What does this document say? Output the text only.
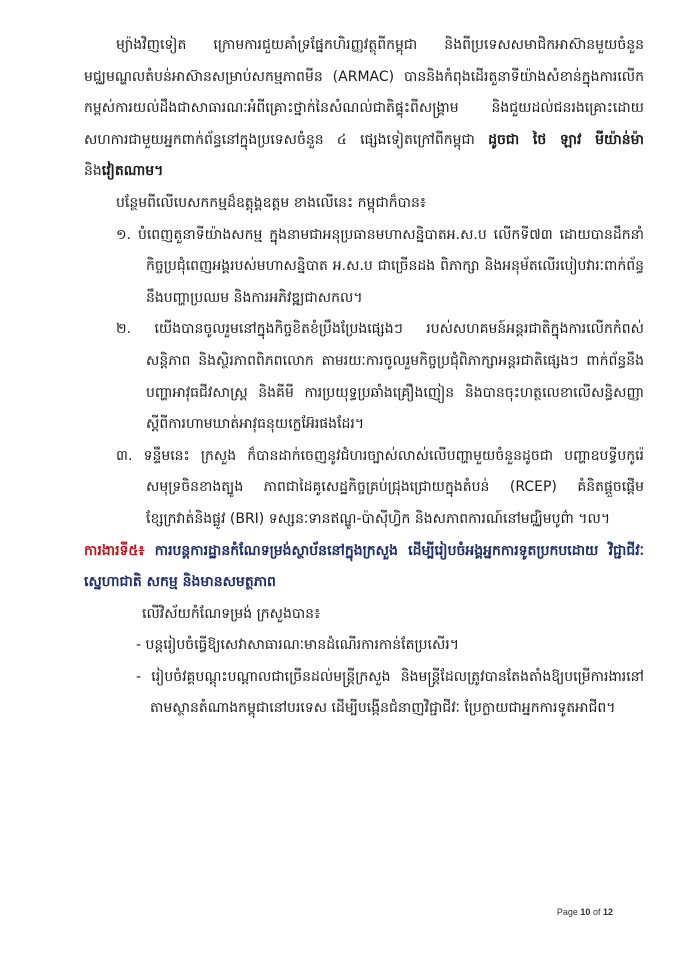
ម្យ៉ាងវិញទៀត ក្រោមការជួយគាំទ្រផ្នែកហិរញ្ញវត្ថុពីកម្ពុជា និងពីប្រទេសសមាជិកអាស៊ានមួយចំនួន មជ្ឈមណ្ឌលតំបន់អាស៊ានសម្រាប់សកម្មភាពមីន (ARMAC) បាននិងកំពុងដើរតួនាទីយ៉ាងសំខាន់ក្នុងការលើកកម្ពស់ការយល់ដឹងជាសាធារណៈអំពីគ្រោះថ្នាក់នៃសំណល់ជាតិផ្ទុះពីសង្គ្រាម និងជួយដល់ជនរងគ្រោះដោយសហការជាមួយអ្នកពាក់ព័ន្ធនៅក្នុងប្រទេសចំនួន ៤ ផ្សេងទៀតក្រៅពីកម្ពុជា ដូចជា ថៃ ឡាវ មីយ៉ាន់ម៉ា និងវៀតណាម។

បន្ថែមពីលើបេសកកម្មដ៏ឧត្តុង្គឧត្តម ខាងលើនេះ កម្ពុជាក៏បាន៖

១. បំពេញតួនាទីយ៉ាងសកម្ម ក្នុងនាមជាអនុប្រធានមហាសន្និបាតអ.ស.ប លើកទី៧៣ ដោយបានដឹកនាំកិច្ចប្រជុំពេញអង្គរបស់មហាសន្និបាត អ.ស.ប ជាច្រើនដង ពិភាក្សា និងអនុម័តលើរបៀបវារៈពាក់ព័ន្ធ នឹងបញ្ហាប្រឈម និងការអភិវឌ្ឍជាសកល។

២. យើងបានចូលរួមនៅក្នុងកិច្ចខិតខំប្រឹងប្រែងផ្សេងៗ របស់សហគមន៍អន្តរជាតិក្នុងការលើកកំពស់សន្តិភាព និងស្ថិរភាពពិភពលោក តាមរយៈការចូលរួមកិច្ចប្រជុំពិភាក្សាអន្តរជាតិផ្សេងៗ ពាក់ព័ន្ធនឹងបញ្ហាអាវុធជីវសាស្ត្រ និងគីមី ការប្រយុទ្ធប្រឆាំងគ្រឿងញៀន និងបានចុះហត្ថលេខាលើសន្ធិសញ្ញាស្តីពីការហាមឃាត់អាវុធនុយក្លេអ៊ែរផងដែរ។

៣. ទន្ទឹមនេះ ក្រសួង ក៏បានដាក់ចេញនូវជំហរច្បាស់លាស់លើបញ្ហាមួយចំនួនដូចជា បញ្ហាឧបទ្វីបកូរ៉េ សមុទ្រចិនខាងត្បូង ភាពជាដៃគូសេដ្ឋកិច្ចគ្រប់ជ្រុងជ្រោយក្នុងតំបន់ (RCEP) គំនិតផ្តួចផ្តើមខ្សែក្រវាត់និងផ្លូវ (BRI) ទស្សនៈទានឥណ្ឌូ-ប៉ាស៊ីហ្វិក និងសភាពការណ៍នៅមជ្ឈិមបូព៌ា ។ល។

ការងារទី៥៖ ការបន្តការដ្ឋានកំណែទម្រង់ស្ថាប័ននៅក្នុងក្រសួង ដើម្បីរៀបចំអង្គអ្នកការទូតប្រកបដោយ វិជ្ជាជីវៈ ស្នេហាជាតិ សកម្ម និងមានសមត្ថភាព

លើវិស័យកំណែទម្រង់ ក្រសួងបាន៖

- បន្តរៀបចំធ្វើឱ្យសេវាសាធារណៈមានដំណើរការកាន់តែប្រសើរ។

- រៀបចំវគ្គបណ្តុះបណ្តាលជាច្រើនដល់មន្ត្រីក្រសួង និងមន្ត្រីដែលត្រូវបានតែងតាំងឱ្យបម្រើការងារនៅតាមស្ថានតំណាងកម្ពុជានៅបរទេស ដើម្បីបង្កើនជំនាញវិជ្ជាជីវៈ ប្រែក្លាយជាអ្នកការទូតអាជីព។

Page 10 of 12
